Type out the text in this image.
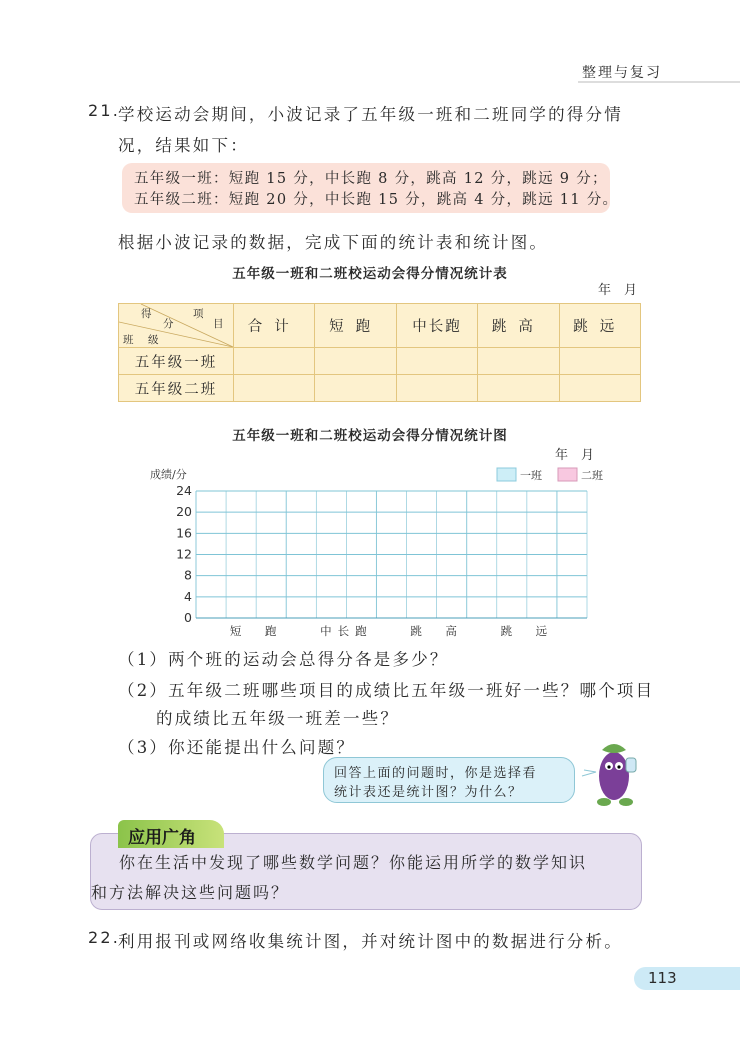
整理与复习
21.
学校运动会期间，小波记录了五年级一班和二班同学的得分情
况，结果如下：
五年级一班：短跑 15 分，中长跑 8 分，跳高 12 分，跳远 9 分；
五年级二班：短跑 20 分，中长跑 15 分，跳高 4 分，跳远 11 分。
根据小波记录的数据，完成下面的统计表和统计图。
五年级一班和二班校运动会得分情况统计表
年　月
得
分
项
目
班　级	合计	短跑	中长跑	跳高	跳远
五年级一班					
五年级二班					
五年级一班和二班校运动会得分情况统计图
年　月
成绩/分	一班	二班
0
4
8
12
16
20
24
短　跑	中长跑	跳　高	跳　远
（1）两个班的运动会总得分各是多少？
（2）五年级二班哪些项目的成绩比五年级一班好一些？哪个项目
的成绩比五年级一班差一些？
（3）你还能提出什么问题？
回答上面的问题时，你是选择看
统计表还是统计图？为什么？
你在生活中发现了哪些数学问题？你能运用所学的数学知识
和方法解决这些问题吗？
应用广角
22.
利用报刊或网络收集统计图，并对统计图中的数据进行分析。
113
